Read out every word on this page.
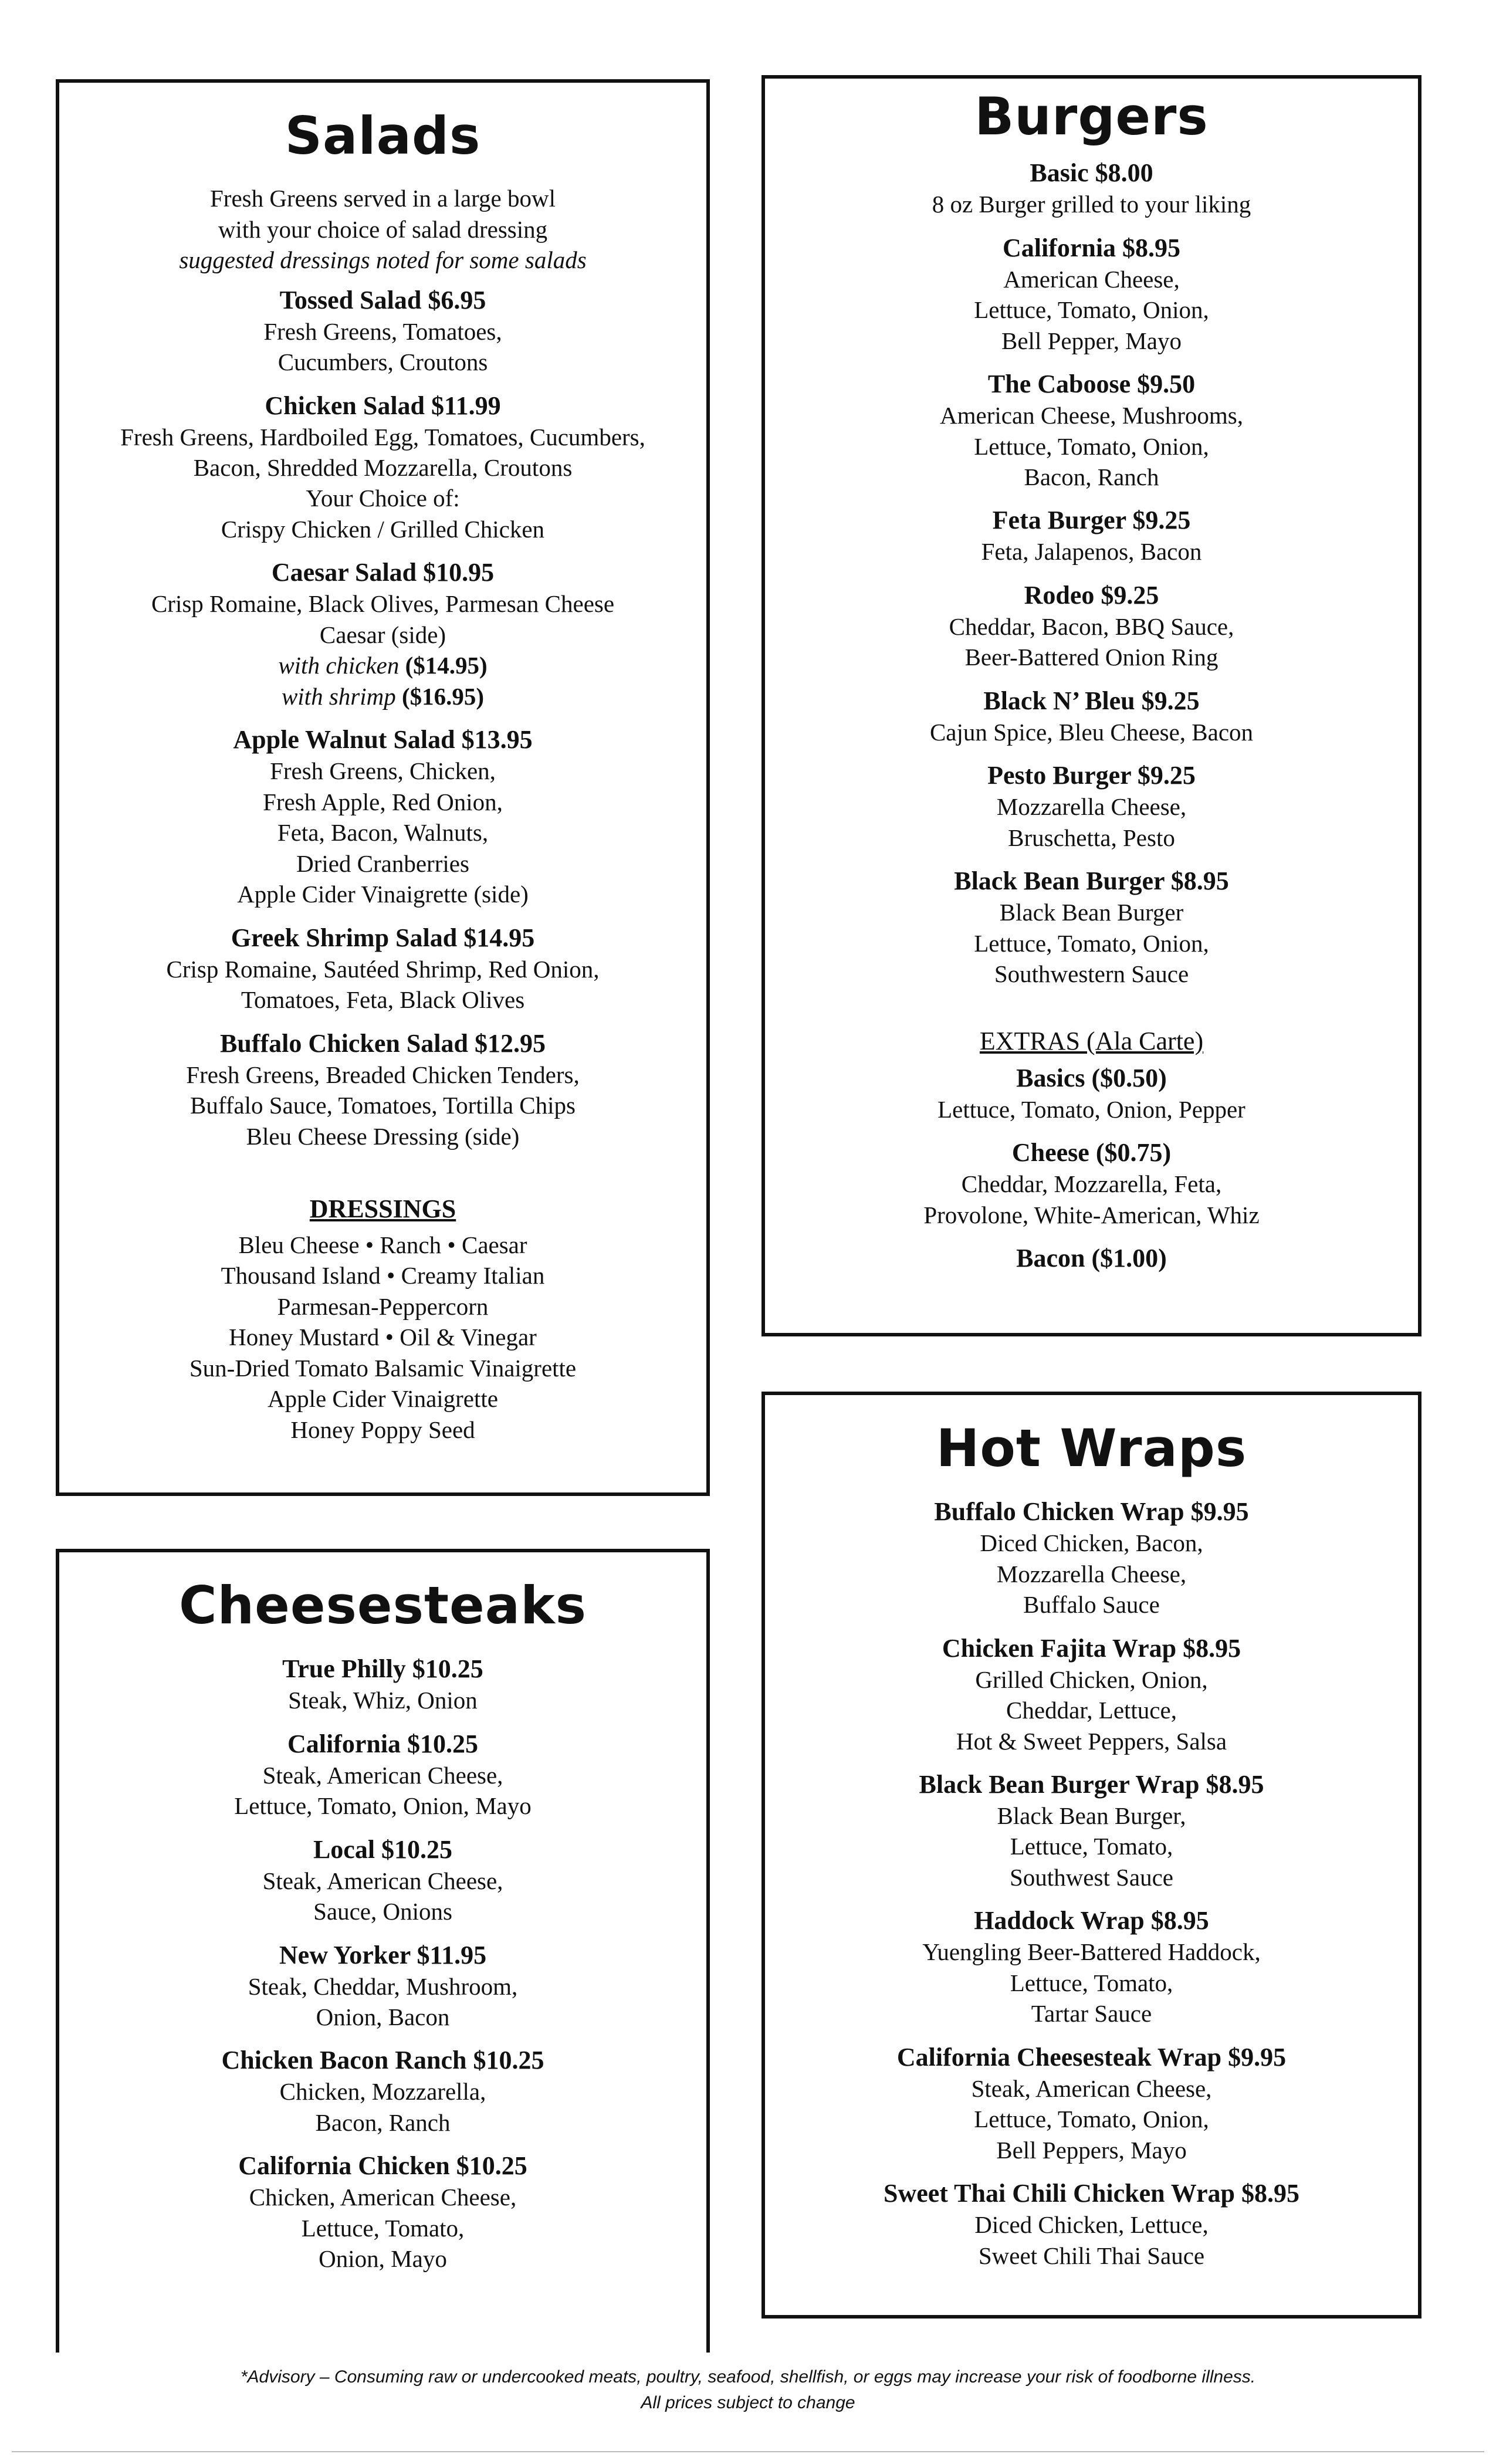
Salads
Fresh Greens served in a large bowl
with your choice of salad dressing
suggested dressings noted for some salads
Tossed Salad $6.95
Fresh Greens, Tomatoes,
Cucumbers, Croutons
Chicken Salad $11.99
Fresh Greens, Hardboiled Egg, Tomatoes, Cucumbers,
Bacon, Shredded Mozzarella, Croutons
Your Choice of:
Crispy Chicken / Grilled Chicken
Caesar Salad $10.95
Crisp Romaine, Black Olives, Parmesan Cheese
Caesar (side)
with chicken ($14.95)
with shrimp ($16.95)
Apple Walnut Salad $13.95
Fresh Greens, Chicken,
Fresh Apple, Red Onion,
Feta, Bacon, Walnuts,
Dried Cranberries
Apple Cider Vinaigrette (side)
Greek Shrimp Salad $14.95
Crisp Romaine, Sautéed Shrimp, Red Onion,
Tomatoes, Feta, Black Olives
Buffalo Chicken Salad $12.95
Fresh Greens, Breaded Chicken Tenders,
Buffalo Sauce, Tomatoes, Tortilla Chips
Bleu Cheese Dressing (side)
DRESSINGS
Bleu Cheese • Ranch • Caesar
Thousand Island • Creamy Italian
Parmesan-Peppercorn
Honey Mustard • Oil & Vinegar
Sun-Dried Tomato Balsamic Vinaigrette
Apple Cider Vinaigrette
Honey Poppy Seed
Burgers
Basic $8.00
8 oz Burger grilled to your liking
California $8.95
American Cheese,
Lettuce, Tomato, Onion,
Bell Pepper, Mayo
The Caboose $9.50
American Cheese, Mushrooms,
Lettuce, Tomato, Onion,
Bacon, Ranch
Feta Burger $9.25
Feta, Jalapenos, Bacon
Rodeo $9.25
Cheddar, Bacon, BBQ Sauce,
Beer-Battered Onion Ring
Black N’ Bleu $9.25
Cajun Spice, Bleu Cheese, Bacon
Pesto Burger $9.25
Mozzarella Cheese,
Bruschetta, Pesto
Black Bean Burger $8.95
Black Bean Burger
Lettuce, Tomato, Onion,
Southwestern Sauce
EXTRAS (Ala Carte)
Basics ($0.50)
Lettuce, Tomato, Onion, Pepper
Cheese ($0.75)
Cheddar, Mozzarella, Feta,
Provolone, White-American, Whiz
Bacon ($1.00)
Cheesesteaks
True Philly $10.25
Steak, Whiz, Onion
California $10.25
Steak, American Cheese,
Lettuce, Tomato, Onion, Mayo
Local $10.25
Steak, American Cheese,
Sauce, Onions
New Yorker $11.95
Steak, Cheddar, Mushroom,
Onion, Bacon
Chicken Bacon Ranch $10.25
Chicken, Mozzarella,
Bacon, Ranch
California Chicken $10.25
Chicken, American Cheese,
Lettuce, Tomato,
Onion, Mayo
Hot Wraps
Buffalo Chicken Wrap $9.95
Diced Chicken, Bacon,
Mozzarella Cheese,
Buffalo Sauce
Chicken Fajita Wrap $8.95
Grilled Chicken, Onion,
Cheddar, Lettuce,
Hot & Sweet Peppers, Salsa
Black Bean Burger Wrap $8.95
Black Bean Burger,
Lettuce, Tomato,
Southwest Sauce
Haddock Wrap $8.95
Yuengling Beer-Battered Haddock,
Lettuce, Tomato,
Tartar Sauce
California Cheesesteak Wrap $9.95
Steak, American Cheese,
Lettuce, Tomato, Onion,
Bell Peppers, Mayo
Sweet Thai Chili Chicken Wrap $8.95
Diced Chicken, Lettuce,
Sweet Chili Thai Sauce
*Advisory – Consuming raw or undercooked meats, poultry, seafood, shellfish, or eggs may increase your risk of foodborne illness.
All prices subject to change
